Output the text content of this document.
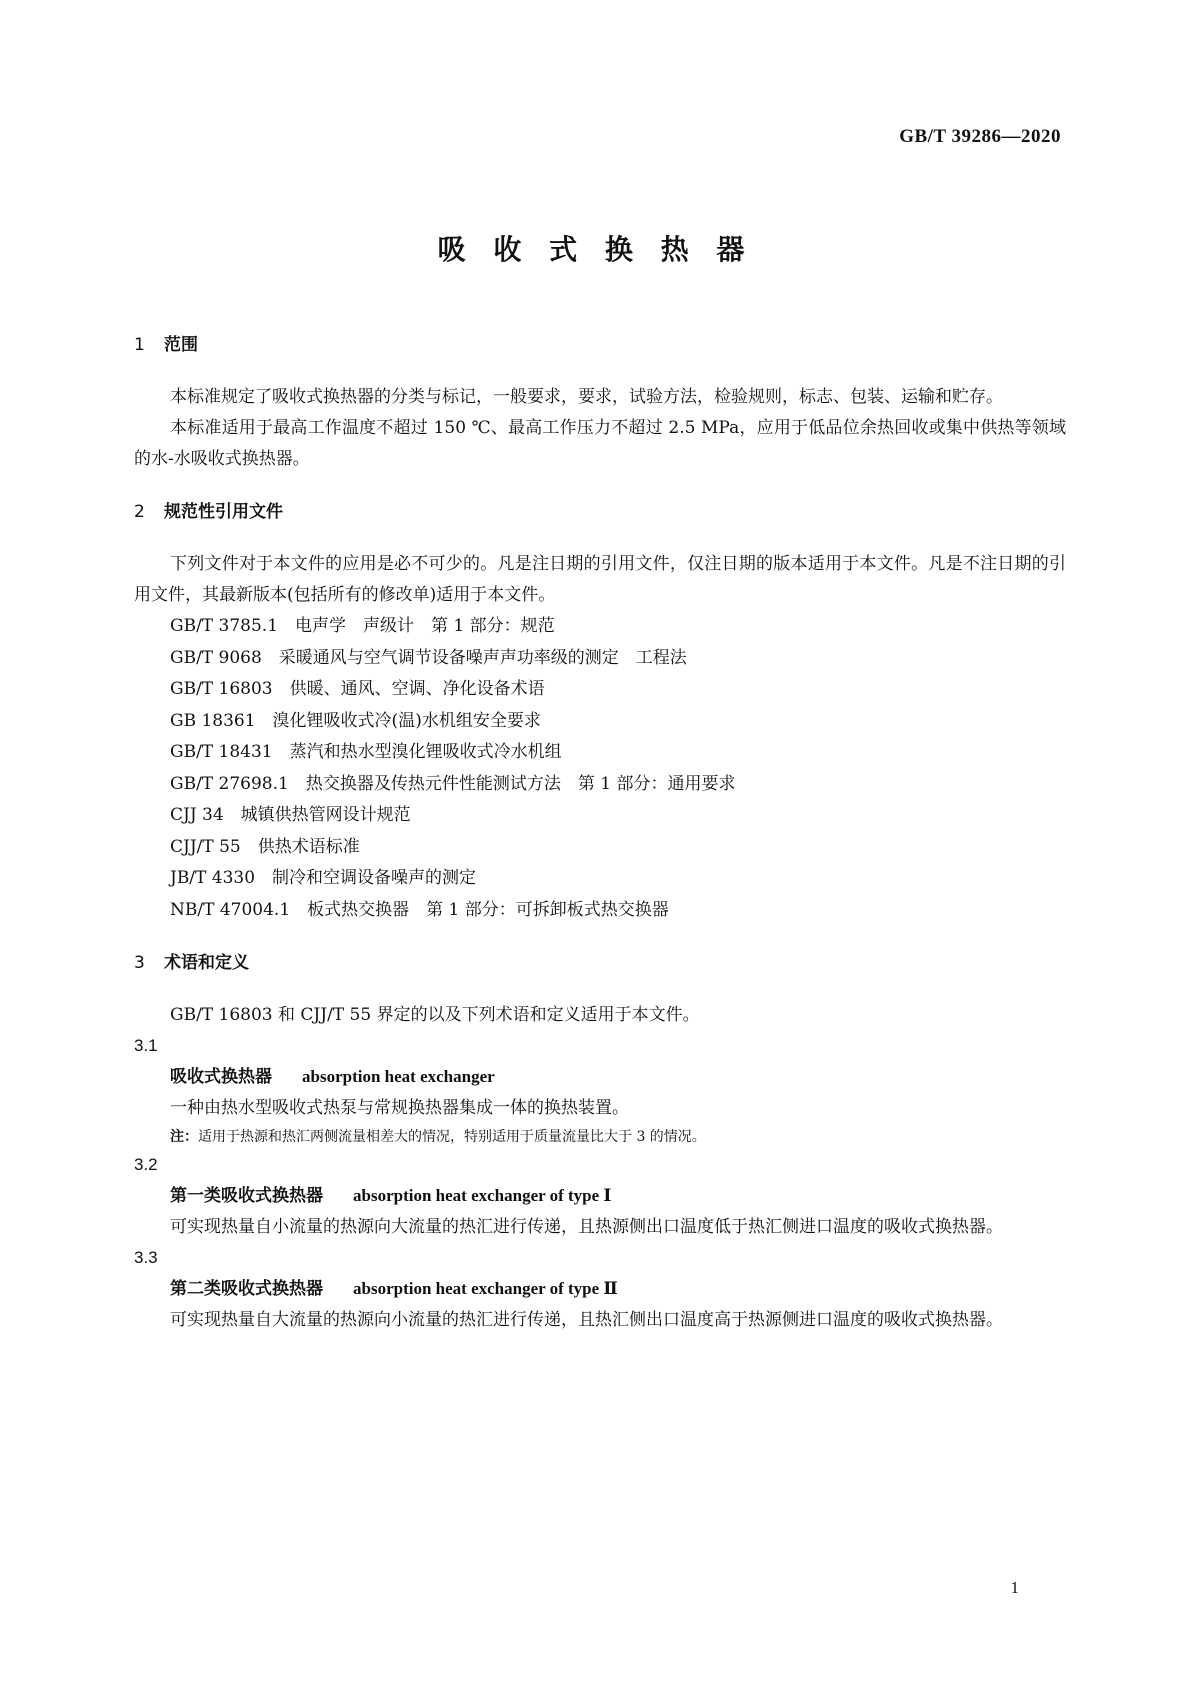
GB/T 39286—2020
吸 收 式 换 热 器
1 范围

本标准规定了吸收式换热器的分类与标记，一般要求，要求，试验方法，检验规则，标志、包装、运输和贮存。

本标准适用于最高工作温度不超过 150 ℃、最高工作压力不超过 2.5 MPa，应用于低品位余热回收或集中供热等领域的水-水吸收式换热器。

2 规范性引用文件

下列文件对于本文件的应用是必不可少的。凡是注日期的引用文件，仅注日期的版本适用于本文件。凡是不注日期的引用文件，其最新版本(包括所有的修改单)适用于本文件。

GB/T 3785.1　电声学　声级计　第 1 部分：规范

GB/T 9068　采暖通风与空气调节设备噪声声功率级的测定　工程法

GB/T 16803　供暖、通风、空调、净化设备术语

GB 18361　溴化锂吸收式冷(温)水机组安全要求

GB/T 18431　蒸汽和热水型溴化锂吸收式冷水机组

GB/T 27698.1　热交换器及传热元件性能测试方法　第 1 部分：通用要求

CJJ 34　城镇供热管网设计规范

CJJ/T 55　供热术语标准

JB/T 4330　制冷和空调设备噪声的测定

NB/T 47004.1　板式热交换器　第 1 部分：可拆卸板式热交换器

3 术语和定义

GB/T 16803 和 CJJ/T 55 界定的以及下列术语和定义适用于本文件。

3.1

吸收式换热器 absorption heat exchanger

一种由热水型吸收式热泵与常规换热器集成一体的换热装置。

注：适用于热源和热汇两侧流量相差大的情况，特别适用于质量流量比大于 3 的情况。

3.2

第一类吸收式换热器 absorption heat exchanger of type Ⅰ

可实现热量自小流量的热源向大流量的热汇进行传递，且热源侧出口温度低于热汇侧进口温度的吸收式换热器。

3.3

第二类吸收式换热器 absorption heat exchanger of type Ⅱ

可实现热量自大流量的热源向小流量的热汇进行传递，且热汇侧出口温度高于热源侧进口温度的吸收式换热器。

1
